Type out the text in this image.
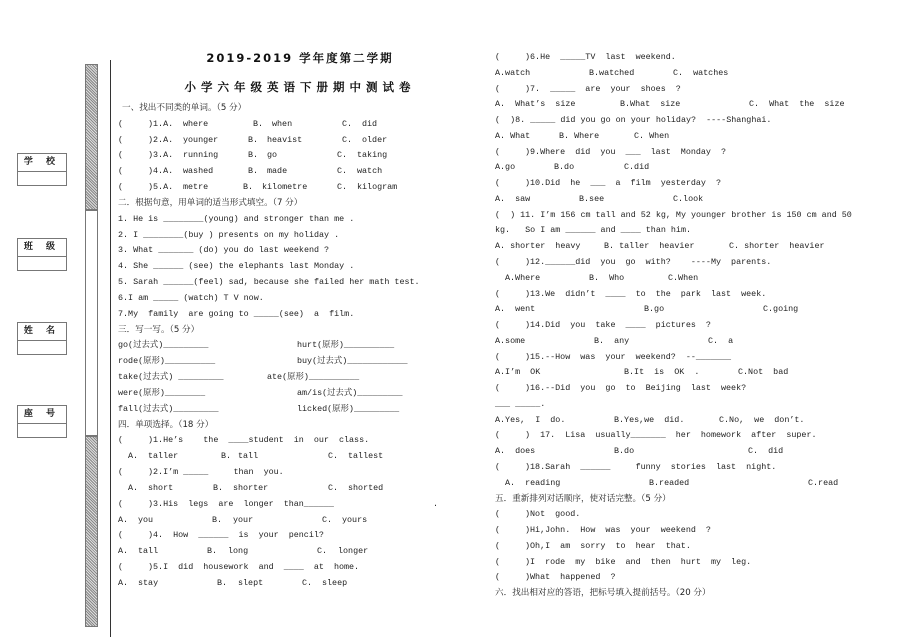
2019-2019 学年度第二学期
小学六年级英语下册期中测试卷
学 校
班 级
姓 名
座 号
一、找出不同类的单词。（5 分）
(	)1.A. where	B. when	C. did
(	)2.A. younger	B. heavist	C. older
(	)3.A. running	B. go	C. taking
(	)4.A. washed	B. made	C. watch
(	)5.A. metre	B. kilometre	C. kilogram
二．根据句意，用单词的适当形式填空。（7 分）
1. He is ________(young) and stronger than me .
2. I ________(buy ) presents on my holiday .
3. What _______ (do) you do last weekend ?
4. She ______ (see) the elephants last Monday .
5. Sarah ______(feel) sad, because she failed her math test.
6.I am _____ (watch) T V now.
7.My  family  are going to _____(see)  a  film.
三．写一写。（5 分）
go(过去式)_________	hurt(原形)__________
rode(原形)__________	buy(过去式)____________
take(过去式) _________	ate(原形)__________
were(原形)________	am/is(过去式)_________
fall(过去式)_________	licked(原形)_________
四．单项选择。（18 分）
(	)1.He’s    the  ____student  in  our  class.
A. taller	B. tall	C. tallest
(	)2.I’m _____     than  you.
A. short	B. shorter	C. shorted
(	)3.His  legs  are  longer  than______	.
A. you	B. your	C. yours
(	)4.  How  ______  is  your  pencil?
A. tall	B. long	C. longer
(	)5.I  did  housework  and  ____  at  home.
A. stay	B. slept	C. sleep
(	)6.He  _____TV  last  weekend.
A.watch	B.watched	C.  watches
(	)7.  _____  are  your  shoes  ?
A.  What’s  size	B.What  size	C.  What  the  size
(  )8. _____ did you go on your holiday?  ----Shanghai.
A. What	B. Where	C. When
(	)9.Where  did  you  ___  last  Monday  ?
A.go	B.do	C.did
(	)10.Did  he  ___  a  film  yesterday  ?
A.  saw	B.see	C.look
(  ) 11. I’m 156 cm tall and 52 kg, My younger brother is 150 cm and 50
kg.   So I am ______ and ____ than him.
A. shorter  heavy	B. taller  heavier	C. shorter  heavier
(	)12.______did  you  go  with?    ----My  parents.
A.Where	B.  Who	C.When
(	)13.We  didn’t  ____  to  the  park  last  week.
A.  went	B.go	C.going
(	)14.Did  you  take  ____  pictures  ?
A.some	B.  any	C.  a
(	)15.--How  was  your  weekend?  --_______
A.I’m  OK	B.It  is  OK  .	C.Not  bad
(	)16.--Did  you  go  to  Beijing  last  week?
___ _____.
A.Yes,  I  do.	B.Yes,we  did.	C.No,  we  don’t.
(	)  17.  Lisa  usually_______  her  homework  after  super.
A.  does	B.do	C.  did
(	)18.Sarah  ______     funny  stories  last  night.
A.  reading	B.readed	C.read
五．重新排列对话顺序，使对话完整。（5 分）
(	)Not  good.
(	)Hi,John.  How  was  your  weekend  ?
(	)Oh,I  am  sorry  to  hear  that.
(	)I  rode  my  bike  and  then  hurt  my  leg.
(	)What  happened  ?
六．找出相对应的答语，把标号填入提前括号。（20 分）
